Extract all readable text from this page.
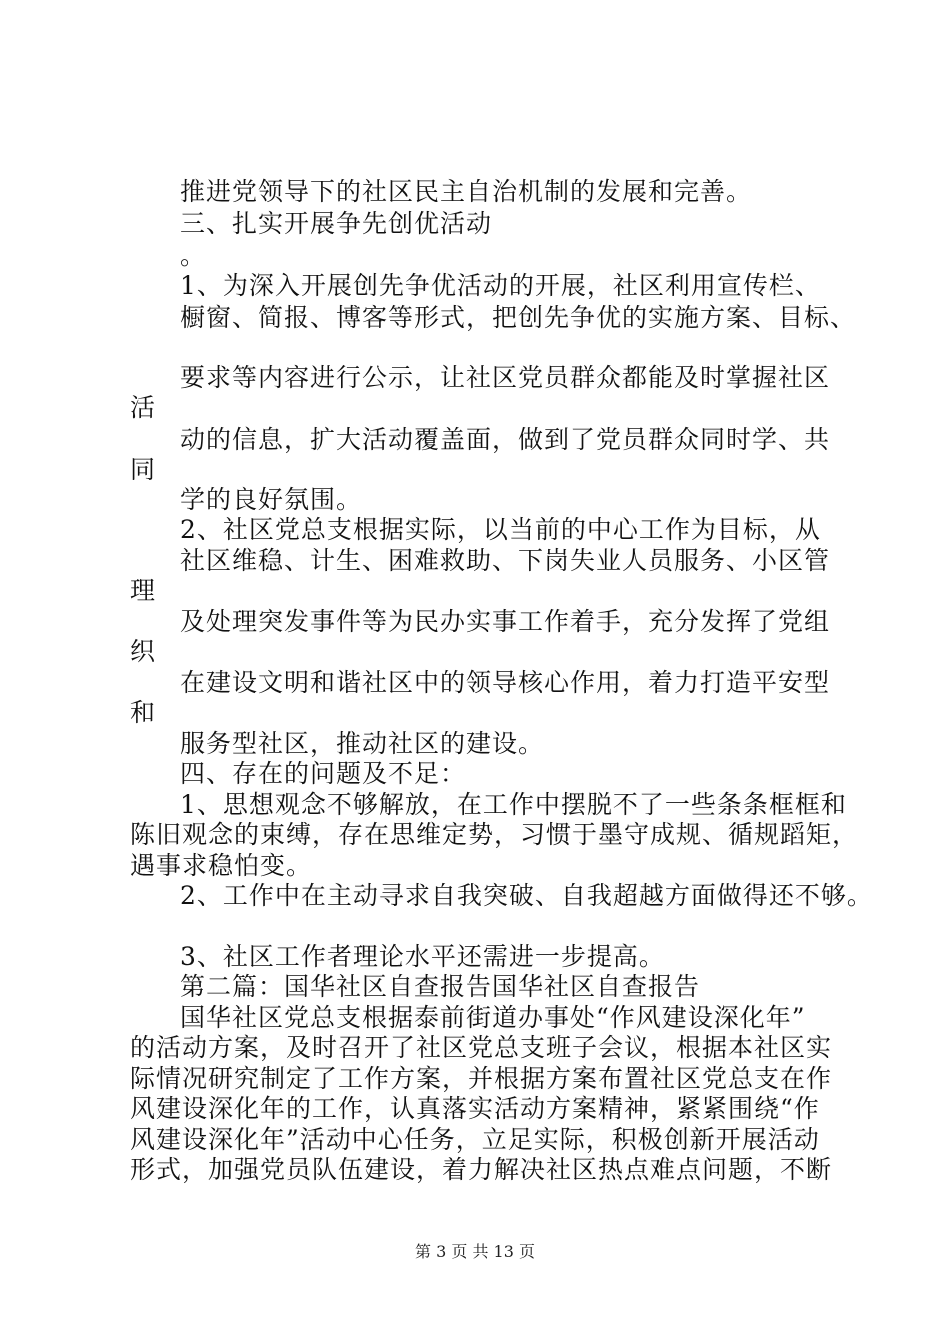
推进党领导下的社区民主自治机制的发展和完善。
三、扎实开展争先创优活动
。
1、为深入开展创先争优活动的开展，社区利用宣传栏、
橱窗、简报、博客等形式，把创先争优的实施方案、目标、
要求等内容进行公示，让社区党员群众都能及时掌握社区
活
动的信息，扩大活动覆盖面，做到了党员群众同时学、共
同
学的良好氛围。
2、社区党总支根据实际，以当前的中心工作为目标，从
社区维稳、计生、困难救助、下岗失业人员服务、小区管
理
及处理突发事件等为民办实事工作着手，充分发挥了党组
织
在建设文明和谐社区中的领导核心作用，着力打造平安型
和
服务型社区，推动社区的建设。
四、存在的问题及不足：
1、思想观念不够解放，在工作中摆脱不了一些条条框框和
陈旧观念的束缚，存在思维定势，习惯于墨守成规、循规蹈矩，
遇事求稳怕变。
2、工作中在主动寻求自我突破、自我超越方面做得还不够。
3、社区工作者理论水平还需进一步提高。
第二篇：国华社区自查报告国华社区自查报告
国华社区党总支根据泰前街道办事处“作风建设深化年”
的活动方案，及时召开了社区党总支班子会议，根据本社区实
际情况研究制定了工作方案，并根据方案布置社区党总支在作
风建设深化年的工作，认真落实活动方案精神，紧紧围绕“作
风建设深化年”活动中心任务，立足实际，积极创新开展活动
形式，加强党员队伍建设，着力解决社区热点难点问题，不断
第 3 页 共 13 页
